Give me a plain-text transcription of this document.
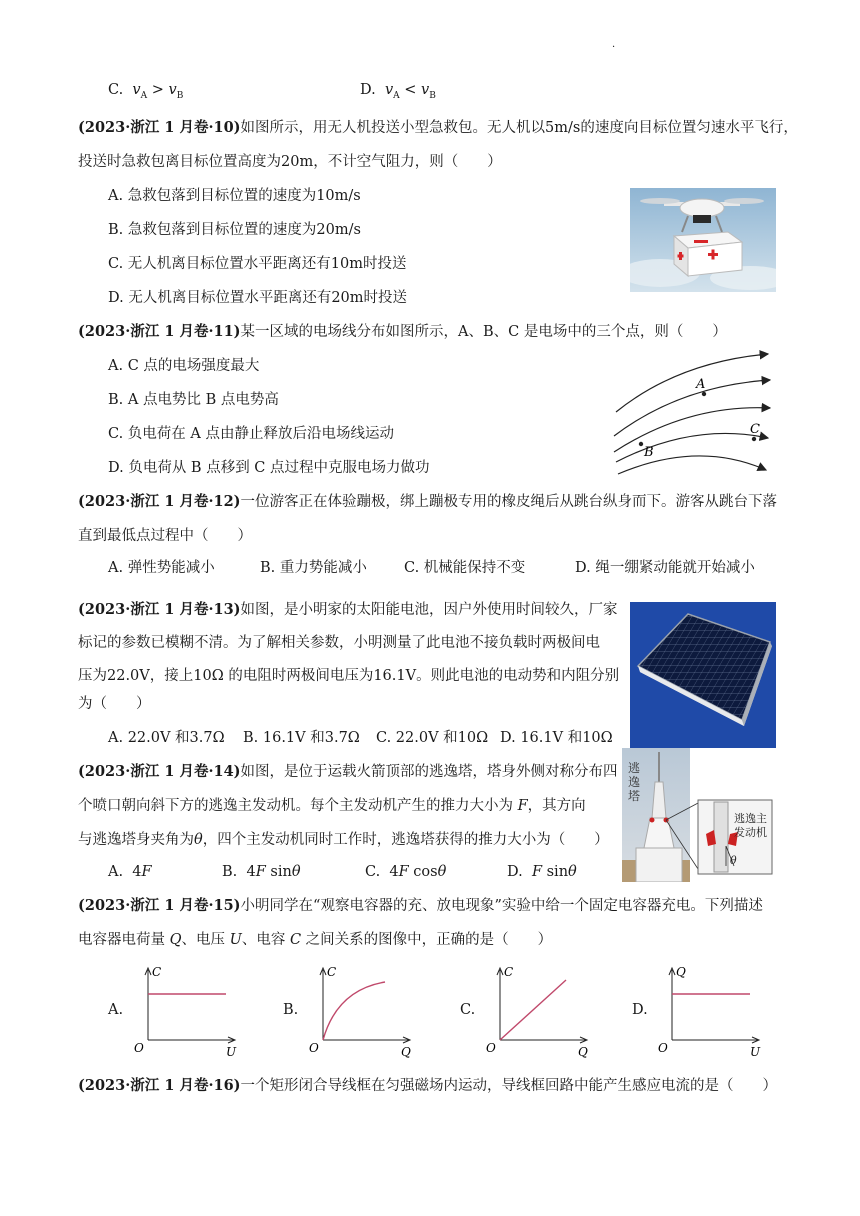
·
C. $v_A > v_B$	D. $v_A < v_B$
(2023·浙江 1 月卷·10)如图所示，用无人机投送小型急救包。无人机以5m/s的速度向目标位置匀速水平飞行，
投送时急救包离目标位置高度为20m，不计空气阻力，则（　　）
A. 急救包落到目标位置的速度为10m/s
B. 急救包落到目标位置的速度为20m/s
C. 无人机离目标位置水平距离还有10m时投送
D. 无人机离目标位置水平距离还有20m时投送
(2023·浙江 1 月卷·11)某一区域的电场线分布如图所示，A、B、C 是电场中的三个点，则（　　）
A. C 点的电场强度最大
B. A 点电势比 B 点电势高
C. 负电荷在 A 点由静止释放后沿电场线运动
D. 负电荷从 B 点移到 C 点过程中克服电场力做功
A
B
C
(2023·浙江 1 月卷·12)一位游客正在体验蹦极，绑上蹦极专用的橡皮绳后从跳台纵身而下。游客从跳台下落
直到最低点过程中（　　）
A. 弹性势能减小	B. 重力势能减小	C. 机械能保持不变	D. 绳一绷紧动能就开始减小
(2023·浙江 1 月卷·13)如图，是小明家的太阳能电池，因户外使用时间较久，厂家
标记的参数已模糊不清。为了解相关参数，小明测量了此电池不接负载时两极间电
压为22.0V，接上10Ω 的电阻时两极间电压为16.1V。则此电池的电动势和内阻分别
为（　　）
A. 22.0V 和3.7Ω B. 16.1V 和3.7Ω C. 22.0V 和10Ω D. 16.1V 和10Ω
(2023·浙江 1 月卷·14)如图，是位于运载火箭顶部的逃逸塔，塔身外侧对称分布四
个喷口朝向斜下方的逃逸主发动机。每个主发动机产生的推力大小为 F，其方向
与逃逸塔身夹角为θ，四个主发动机同时工作时，逃逸塔获得的推力大小为（　　）
A.  4F	B.  4F sinθ	C.  4F cosθ	D.  F sinθ
逃
逸
塔
逃逸主
发动机
θ
(2023·浙江 1 月卷·15)小明同学在“观察电容器的充、放电现象”实验中给一个固定电容器充电。下列描述
电容器电荷量 Q、电压 U、电容 C 之间关系的图像中，正确的是（　　）
A.
C
U
O
B.
C
Q
O
C.
C
Q
O
D.
Q
U
O
(2023·浙江 1 月卷·16)一个矩形闭合导线框在匀强磁场内运动，导线框回路中能产生感应电流的是（　　）
